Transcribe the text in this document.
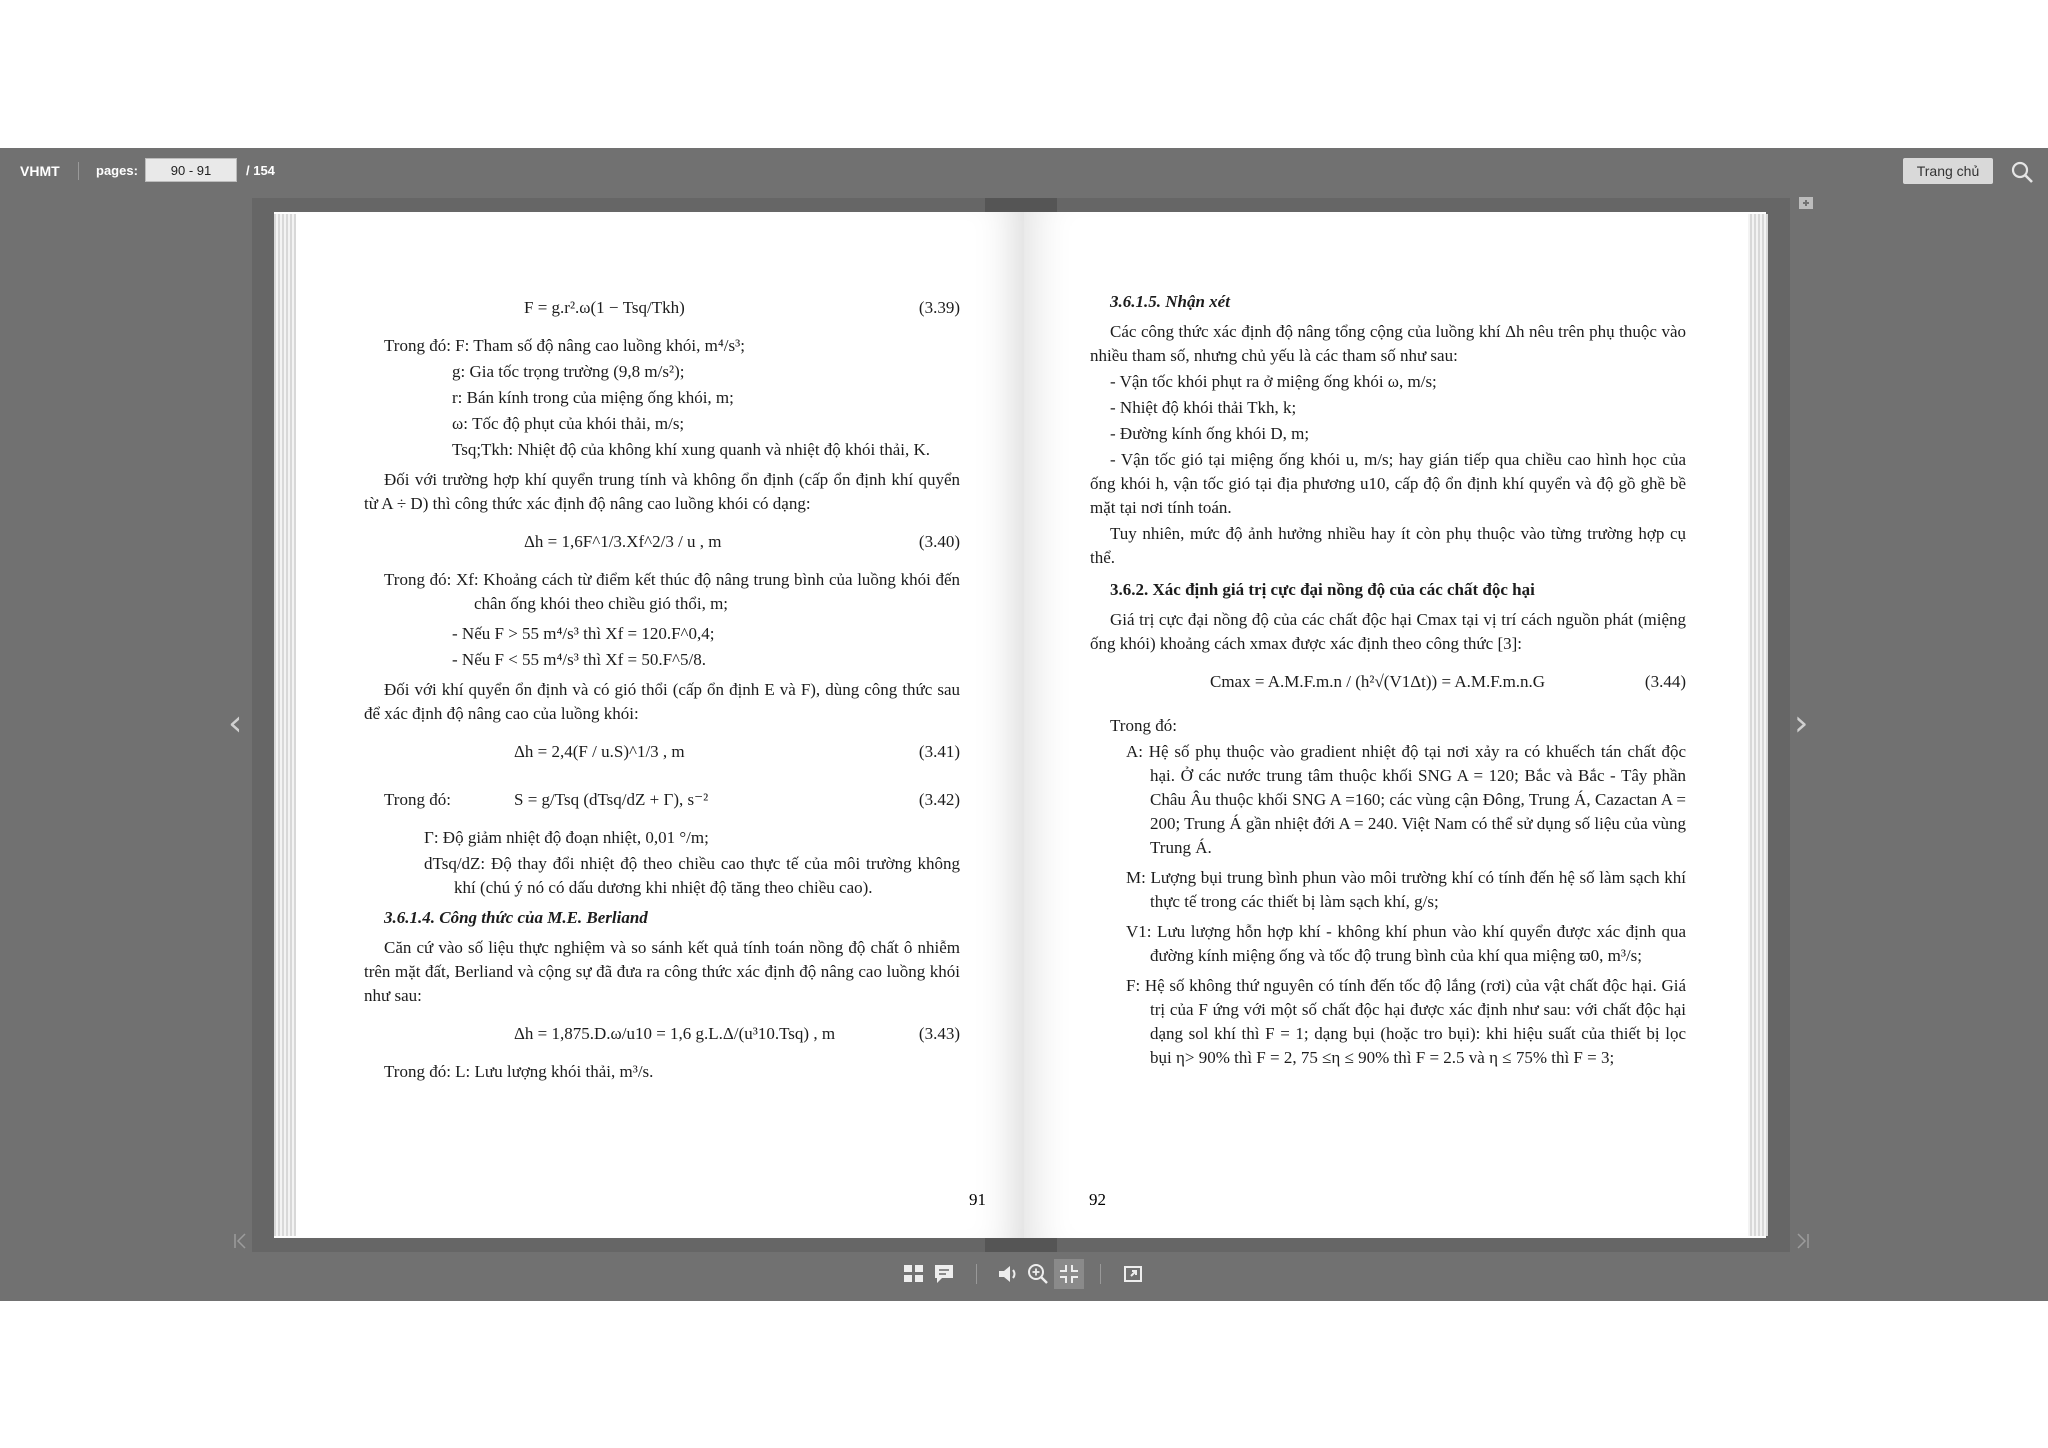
VHMT	pages:
90 - 91	/ 154	Trang chủ
F = g.r².ω(1 − Tsq/Tkh)	(3.39)

Trong đó: F: Tham số độ nâng cao luồng khói, m⁴/s³;

g: Gia tốc trọng trường (9,8 m/s²);

r: Bán kính trong của miệng ống khói, m;

ω: Tốc độ phụt của khói thải, m/s;

Tsq;Tkh: Nhiệt độ của không khí xung quanh và nhiệt độ khói thải, K.

Đối với trường hợp khí quyển trung tính và không ổn định (cấp ổn định khí quyển từ A ÷ D) thì công thức xác định độ nâng cao luồng khói có dạng:

Δh = 1,6F^1/3.Xf^2/3 / u , m	(3.40)

Trong đó: Xf: Khoảng cách từ điểm kết thúc độ nâng trung bình của luồng khói đến chân ống khói theo chiều gió thổi, m;

- Nếu F > 55 m⁴/s³ thì Xf = 120.F^0,4;

- Nếu F < 55 m⁴/s³ thì Xf = 50.F^5/8.

Đối với khí quyển ổn định và có gió thổi (cấp ổn định E và F), dùng công thức sau để xác định độ nâng cao của luồng khói:

Δh = 2,4(F / u.S)^1/3 , m	(3.41)
Trong đó:	S = g/Tsq (dTsq/dZ + Γ), s⁻²	(3.42)

Γ: Độ giảm nhiệt độ đoạn nhiệt, 0,01 °/m;

dTsq/dZ: Độ thay đổi nhiệt độ theo chiều cao thực tế của môi trường không khí (chú ý nó có dấu dương khi nhiệt độ tăng theo chiều cao).

3.6.1.4. Công thức của M.E. Berliand

Căn cứ vào số liệu thực nghiệm và so sánh kết quả tính toán nồng độ chất ô nhiễm trên mặt đất, Berliand và cộng sự đã đưa ra công thức xác định độ nâng cao luồng khói như sau:

Δh = 1,875.D.ω/u10 = 1,6 g.L.Δ/(u³10.Tsq) , m	(3.43)

Trong đó: L: Lưu lượng khói thải, m³/s.

91

3.6.1.5. Nhận xét

Các công thức xác định độ nâng tổng cộng của luồng khí Δh nêu trên phụ thuộc vào nhiều tham số, nhưng chủ yếu là các tham số như sau:

- Vận tốc khói phụt ra ở miệng ống khói ω, m/s;

- Nhiệt độ khói thải Tkh, k;

- Đường kính ống khói D, m;

- Vận tốc gió tại miệng ống khói u, m/s; hay gián tiếp qua chiều cao hình học của ống khói h, vận tốc gió tại địa phương u10, cấp độ ổn định khí quyển và độ gồ ghề bề mặt tại nơi tính toán.

Tuy nhiên, mức độ ảnh hưởng nhiều hay ít còn phụ thuộc vào từng trường hợp cụ thể.

3.6.2. Xác định giá trị cực đại nồng độ của các chất độc hại

Giá trị cực đại nồng độ của các chất độc hại Cmax tại vị trí cách nguồn phát (miệng ống khói) khoảng cách xmax được xác định theo công thức [3]:

Cmax = A.M.F.m.n / (h²√(V1Δt)) = A.M.F.m.n.G	(3.44)

Trong đó:

A: Hệ số phụ thuộc vào gradient nhiệt độ tại nơi xảy ra có khuếch tán chất độc hại. Ở các nước trung tâm thuộc khối SNG A = 120; Bắc và Bắc - Tây phần Châu Âu thuộc khối SNG A =160; các vùng cận Đông, Trung Á, Cazactan A = 200; Trung Á gần nhiệt đới A = 240. Việt Nam có thể sử dụng số liệu của vùng Trung Á.

M: Lượng bụi trung bình phun vào môi trường khí có tính đến hệ số làm sạch khí thực tế trong các thiết bị làm sạch khí, g/s;

V1: Lưu lượng hỗn hợp khí - không khí phun vào khí quyển được xác định qua đường kính miệng ống và tốc độ trung bình của khí qua miệng ϖ0, m³/s;

F: Hệ số không thứ nguyên có tính đến tốc độ lắng (rơi) của vật chất độc hại. Giá trị của F ứng với một số chất độc hại được xác định như sau: với chất độc hại dạng sol khí thì F = 1; dạng bụi (hoặc tro bụi): khi hiệu suất của thiết bị lọc bụi η> 90% thì F = 2, 75 ≤η ≤ 90% thì F = 2.5 và η ≤ 75% thì F = 3;

92
‹	›
